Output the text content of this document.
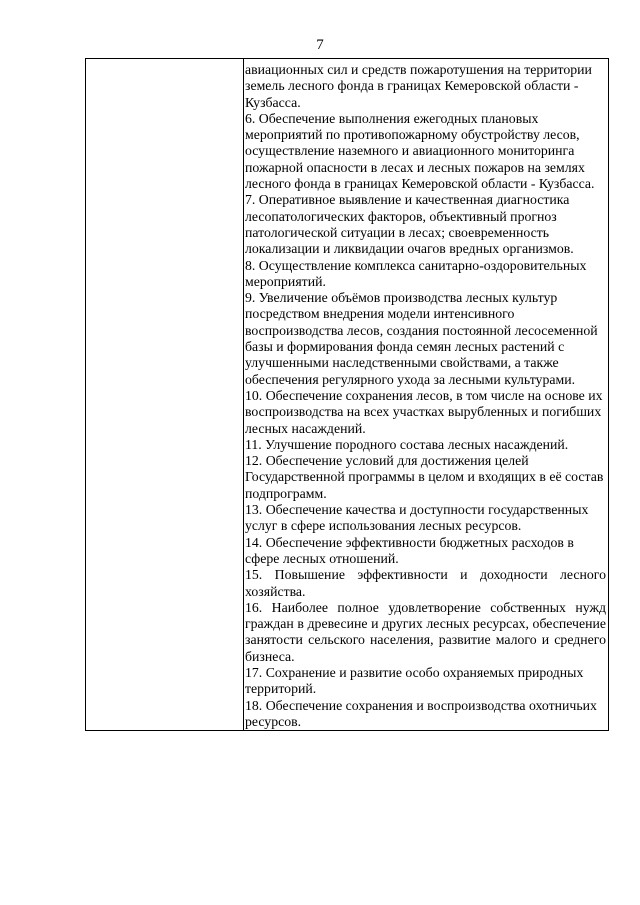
7

авиационных сил и средств пожаротушения на территории земель лесного фонда в границах Кемеровской области - Кузбасса.
6. Обеспечение выполнения ежегодных плановых мероприятий по противопожарному обустройству лесов, осуществление наземного и авиационного мониторинга пожарной опасности в лесах и лесных пожаров на землях лесного фонда в границах Кемеровской области - Кузбасса.
7. Оперативное выявление и качественная диагностика лесопатологических факторов, объективный прогноз патологической ситуации в лесах; своевременность локализации и ликвидации очагов вредных организмов.
8. Осуществление комплекса санитарно-оздоровительных мероприятий.
9. Увеличение объёмов производства лесных культур посредством внедрения модели интенсивного воспроизводства лесов, создания постоянной лесосеменной базы и формирования фонда семян лесных растений с улучшенными наследственными свойствами, а также обеспечения регулярного ухода за лесными культурами.
10. Обеспечение сохранения лесов, в том числе на основе их воспроизводства на всех участках вырубленных и погибших лесных насаждений.
11. Улучшение породного состава лесных насаждений.
12. Обеспечение условий для достижения целей Государственной программы в целом и входящих в её состав подпрограмм.
13. Обеспечение качества и доступности государственных услуг в сфере использования лесных ресурсов.
14. Обеспечение эффективности бюджетных расходов в сфере лесных отношений.
15. Повышение эффективности и доходности лесного хозяйства.
16. Наиболее полное удовлетворение собственных нужд граждан в древесине и других лесных ресурсах, обеспечение занятости сельского населения, развитие малого и среднего бизнеса.
17. Сохранение и развитие особо охраняемых природных территорий.
18. Обеспечение сохранения и воспроизводства охотничьих ресурсов.
